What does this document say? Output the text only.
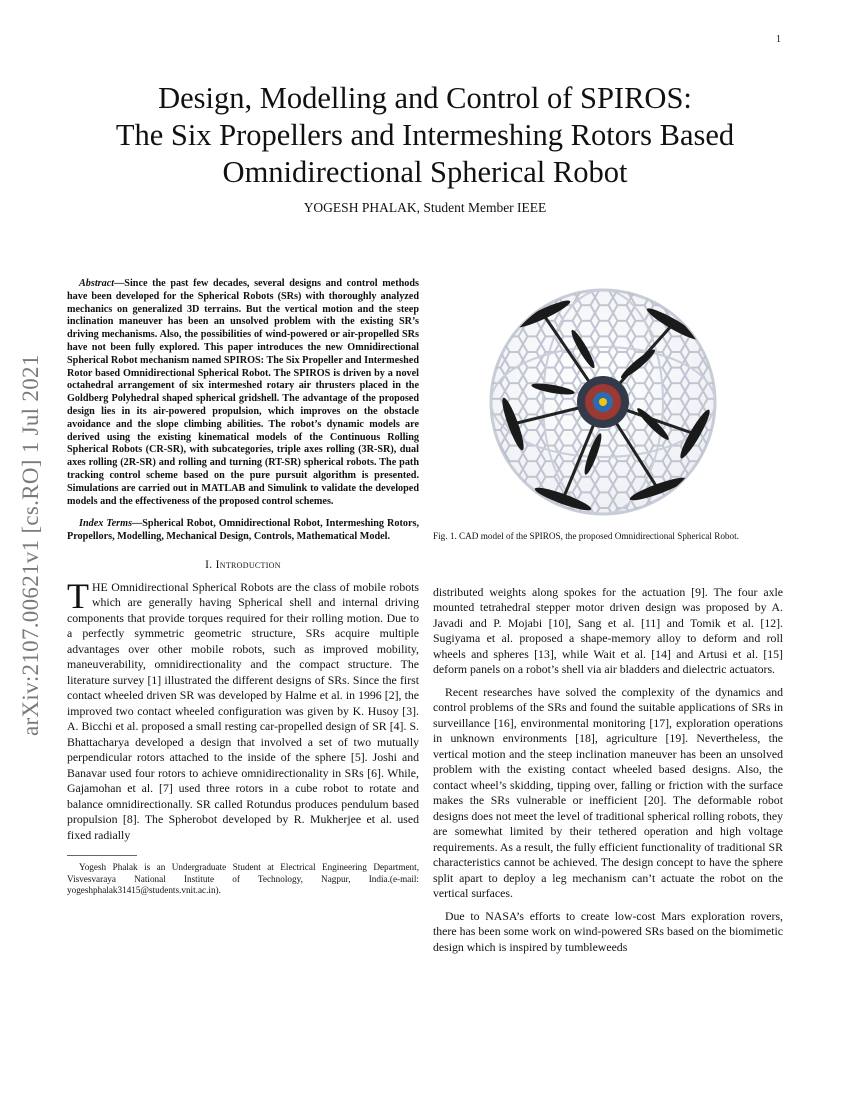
1
arXiv:2107.00621v1 [cs.RO] 1 Jul 2021
Design, Modelling and Control of SPIROS:
The Six Propellers and Intermeshing Rotors Based
Omnidirectional Spherical Robot
YOGESH PHALAK, Student Member IEEE

Abstract—Since the past few decades, several designs and control methods have been developed for the Spherical Robots (SRs) with thoroughly analyzed mechanics on generalized 3D terrains. But the vertical motion and the steep inclination maneuver has been an unsolved problem with the existing SR’s driving mechanisms. Also, the possibilities of wind-powered or air-propelled SRs have not been fully explored. This paper introduces the new Omnidirectional Spherical Robot mechanism named SPIROS: The Six Propeller and Intermeshed Rotor based Omnidirectional Spherical Robot. The SPIROS is driven by a novel octahedral arrangement of six intermeshed rotary air thrusters placed in the Goldberg Polyhedral shaped spherical gridshell. The advantage of the proposed design lies in its air-powered propulsion, which improves on the obstacle avoidance and the slope climbing abilities. The robot’s dynamic models are derived using the existing kinematical models of the Continuous Rolling Spherical Robots (CR-SR), with subcategories, triple axes rolling (3R-SR), dual axes rolling (2R-SR) and rolling and turning (RT-SR) spherical robots. The path tracking control scheme based on the pure pursuit algorithm is presented. Simulations are carried out in MATLAB and Simulink to validate the developed models and the effectiveness of the proposed control schemes.

Index Terms—Spherical Robot, Omnidirectional Robot, Intermeshing Rotors, Propellors, Modelling, Mechanical Design, Controls, Mathematical Model.

I. Introduction

THE Omnidirectional Spherical Robots are the class of mobile robots which are generally having Spherical shell and internal driving components that provide torques required for their rolling motion. Due to a perfectly symmetric geometric structure, SRs acquire multiple advantages over other mobile robots, such as improved mobility, maneuverability, omnidirectionality and the compact structure. The literature survey [1] illustrated the different designs of SRs. Since the first contact wheeled driven SR was developed by Halme et al. in 1996 [2], the improved two contact wheeled configuration was given by K. Husoy [3]. A. Bicchi et al. proposed a small resting car-propelled design of SR [4]. S. Bhattacharya developed a design that involved a set of two mutually perpendicular rotors attached to the inside of the sphere [5]. Joshi and Banavar used four rotors to achieve omnidirectionality in SRs [6]. While, Gajamohan et al. [7] used three rotors in a cube robot to rotate and balance omnidirectionally. SR called Rotundus produces pendulum based propulsion [8]. The Spherobot developed by R. Mukherjee et al. used fixed radially

Yogesh Phalak is an Undergraduate Student at Electrical Engineering Department, Visvesvaraya National Institute of Technology, Nagpur, India.(e-mail: yogeshphalak31415@students.vnit.ac.in).

Fig. 1. CAD model of the SPIROS, the proposed Omnidirectional Spherical Robot.

distributed weights along spokes for the actuation [9]. The four axle mounted tetrahedral stepper motor driven design was proposed by A. Javadi and P. Mojabi [10], Sang et al. [11] and Tomik et al. [12]. Sugiyama et al. proposed a shape-memory alloy to deform and roll wheels and spheres [13], while Wait et al. [14] and Artusi et al. [15] deform panels on a robot’s shell via air bladders and dielectric actuators.

Recent researches have solved the complexity of the dynamics and control problems of the SRs and found the suitable applications of SRs in surveillance [16], environmental monitoring [17], exploration operations in unknown environments [18], agriculture [19]. Nevertheless, the vertical motion and the steep inclination maneuver has been an unsolved problem with the existing contact wheeled based designs. Also, the contact wheel’s skidding, tipping over, falling or friction with the surface makes the SRs vulnerable or inefficient [20]. The deformable robot designs does not meet the level of traditional spherical rolling robots, they are somewhat limited by their tethered operation and high voltage requirements. As a result, the fully efficient functionality of traditional SR characteristics cannot be achieved. The design concept to have the sphere split apart to deploy a leg mechanism can’t actuate the robot on the vertical surfaces.

Due to NASA’s efforts to create low-cost Mars exploration rovers, there has been some work on wind-powered SRs based on the biomimetic design which is inspired by tumbleweeds
